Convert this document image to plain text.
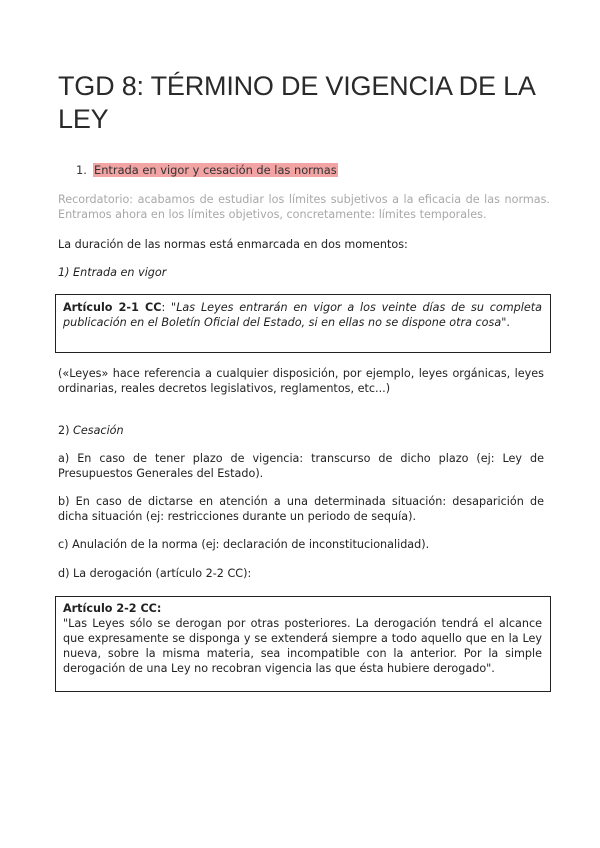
TGD 8: TÉRMINO DE VIGENCIA DE LA LEY

1. Entrada en vigor y cesación de las normas

Recordatorio: acabamos de estudiar los límites subjetivos a la eficacia de las normas. Entramos ahora en los límites objetivos, concretamente: límites temporales.

La duración de las normas está enmarcada en dos momentos:

1) Entrada en vigor

Artículo 2-1 CC: "Las Leyes entrarán en vigor a los veinte días de su completa publicación en el Boletín Oficial del Estado, si en ellas no se dispone otra cosa".

(«Leyes» hace referencia a cualquier disposición, por ejemplo, leyes orgánicas, leyes ordinarias, reales decretos legislativos, reglamentos, etc...)

2) Cesación

a) En caso de tener plazo de vigencia: transcurso de dicho plazo (ej: Ley de Presupuestos Generales del Estado).

b) En caso de dictarse en atención a una determinada situación: desaparición de dicha situación (ej: restricciones durante un periodo de sequía).

c) Anulación de la norma (ej: declaración de inconstitucionalidad).

d) La derogación (artículo 2-2 CC):

Artículo 2-2 CC:
"Las Leyes sólo se derogan por otras posteriores. La derogación tendrá el alcance que expresamente se disponga y se extenderá siempre a todo aquello que en la Ley nueva, sobre la misma materia, sea incompatible con la anterior. Por la simple derogación de una Ley no recobran vigencia las que ésta hubiere derogado".
